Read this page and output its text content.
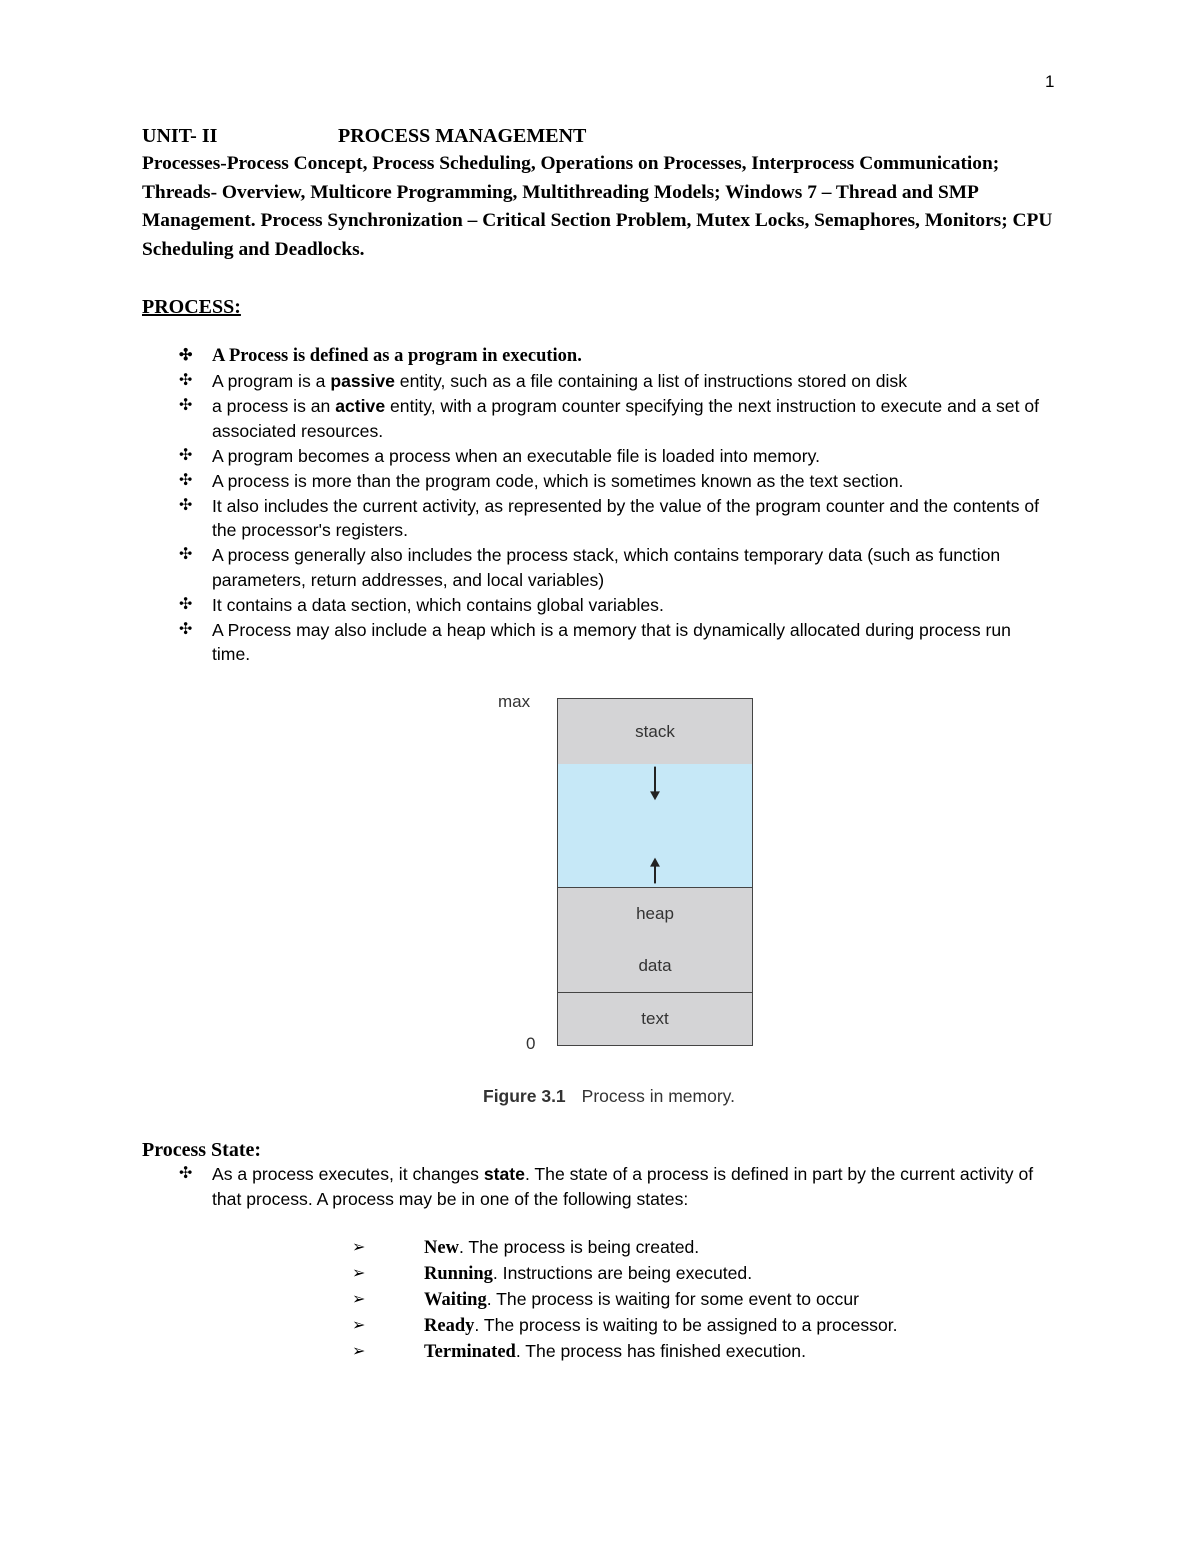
1
UNIT- II	PROCESS MANAGEMENT
Processes-Process Concept, Process Scheduling, Operations on Processes, Interprocess Communication; Threads- Overview, Multicore Programming, Multithreading Models; Windows 7 – Thread and SMP Management. Process Synchronization – Critical Section Problem, Mutex Locks, Semaphores, Monitors; CPU Scheduling and Deadlocks.
PROCESS:
✣ A Process is defined as a program in execution.
✣ A program is a passive entity, such as a file containing a list of instructions stored on disk
✣ a process is an active entity, with a program counter specifying the next instruction to execute and a set of associated resources.
✣ A program becomes a process when an executable file is loaded into memory.
✣ A process is more than the program code, which is sometimes known as the text section.
✣ It also includes the current activity, as represented by the value of the program counter and the contents of the processor's registers.
✣ A process generally also includes the process stack, which contains temporary data (such as function parameters, return addresses, and local variables)
✣ It contains a data section, which contains global variables.
✣ A Process may also include a heap which is a memory that is dynamically allocated during process run time.
max
0
stack
heap
data
text
Figure 3.1 Process in memory.
Process State:
✣ As a process executes, it changes state. The state of a process is defined in part by the current activity of that process. A process may be in one of the following states:
➢	New. The process is being created.
➢	Running. Instructions are being executed.
➢	Waiting. The process is waiting for some event to occur
➢	Ready. The process is waiting to be assigned to a processor.
➢	Terminated. The process has finished execution.
